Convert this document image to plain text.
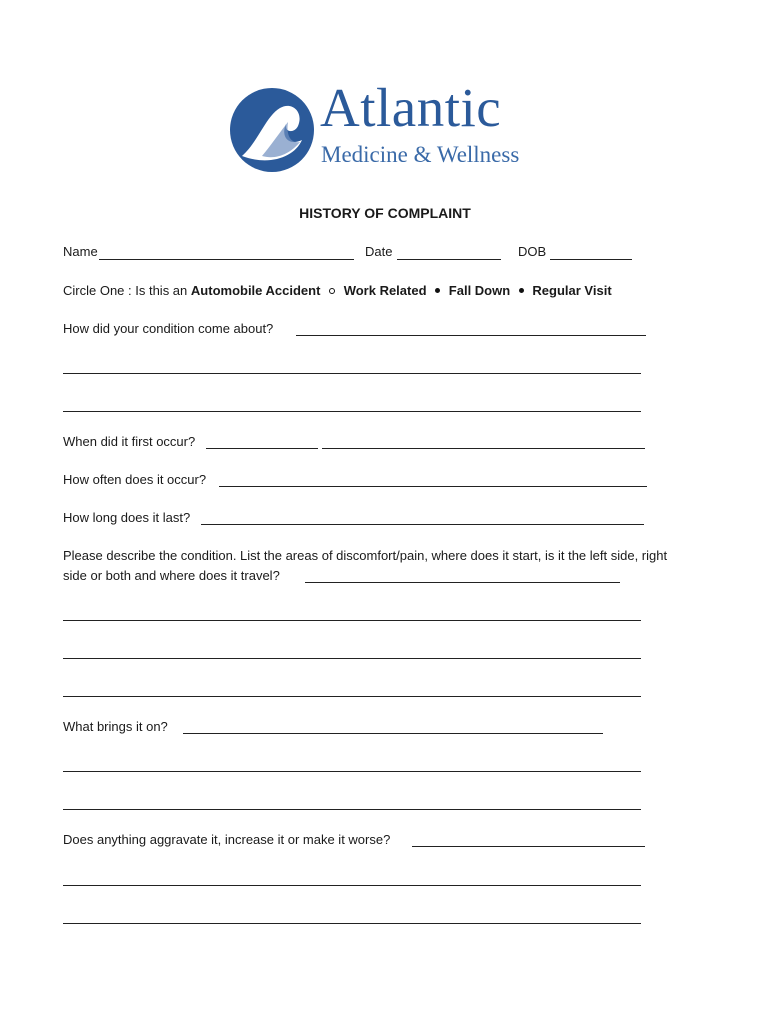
Atlantic
Medicine & Wellness
HISTORY OF COMPLAINT
Name	Date	DOB
Circle One : Is this an Automobile Accident Work Related Fall Down Regular Visit
How did your condition come about?
When did it first occur?
How often does it occur?
How long does it last?
Please describe the condition. List the areas of discomfort/pain, where does it start, is it the left side, right
side or both and where does it travel?
What brings it on?
Does anything aggravate it, increase it or make it worse?
